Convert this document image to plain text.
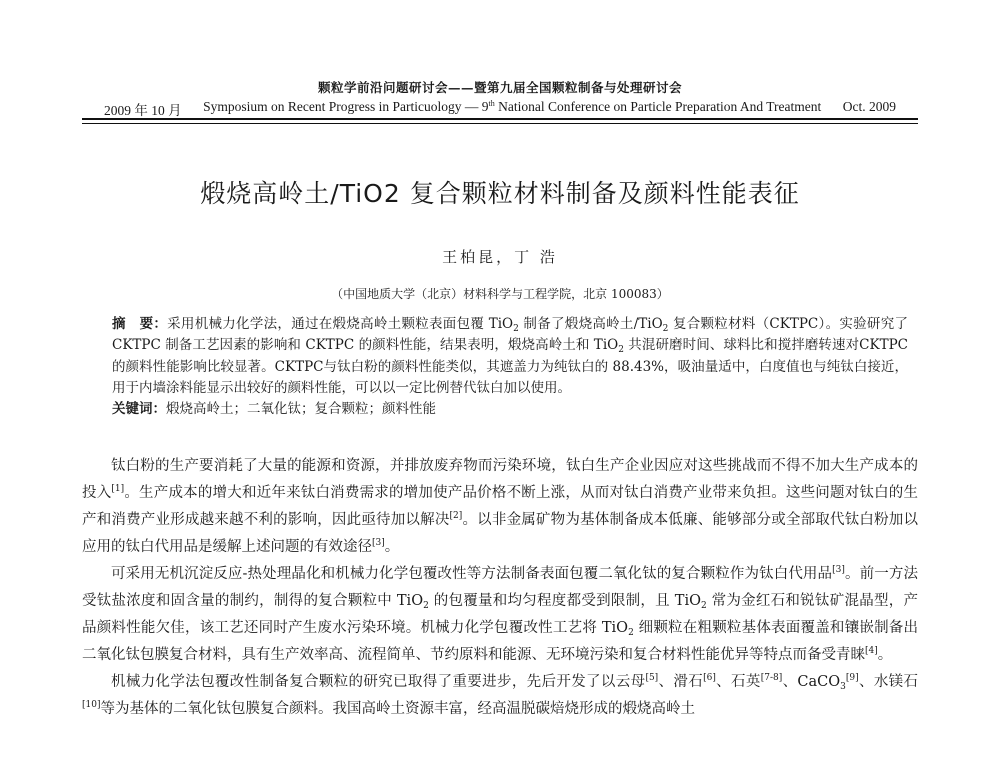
颗粒学前沿问题研讨会——暨第九届全国颗粒制备与处理研讨会
2009 年 10 月 Symposium on Recent Progress in Particuology — 9th National Conference on Particle Preparation And Treatment Oct. 2009
煅烧高岭土/TiO2 复合颗粒材料制备及颜料性能表征
王柏昆，丁 浩
（中国地质大学（北京）材料科学与工程学院，北京 100083）
摘　要：采用机械力化学法，通过在煅烧高岭土颗粒表面包覆 TiO$_2$ 制备了煅烧高岭土/TiO$_2$ 复合颗粒材料（CKTPC）。实验研究了 CKTPC 制备工艺因素的影响和 CKTPC 的颜料性能，结果表明，煅烧高岭土和 TiO$_2$ 共混研磨时间、球料比和搅拌磨转速对CKTPC的颜料性能影响比较显著。CKTPC与钛白粉的颜料性能类似，其遮盖力为纯钛白的 88.43%，吸油量适中，白度值也与纯钛白接近，用于内墙涂料能显示出较好的颜料性能，可以以一定比例替代钛白加以使用。
关键词：煅烧高岭土；二氧化钛；复合颗粒；颜料性能

钛白粉的生产要消耗了大量的能源和资源，并排放废弃物而污染环境，钛白生产企业因应对这些挑战而不得不加大生产成本的投入[1]。生产成本的增大和近年来钛白消费需求的增加使产品价格不断上涨，从而对钛白消费产业带来负担。这些问题对钛白的生产和消费产业形成越来越不利的影响，因此亟待加以解决[2]。以非金属矿物为基体制备成本低廉、能够部分或全部取代钛白粉加以应用的钛白代用品是缓解上述问题的有效途径[3]。

可采用无机沉淀反应-热处理晶化和机械力化学包覆改性等方法制备表面包覆二氧化钛的复合颗粒作为钛白代用品[3]。前一方法受钛盐浓度和固含量的制约，制得的复合颗粒中 TiO$_2$ 的包覆量和均匀程度都受到限制，且 TiO$_2$ 常为金红石和锐钛矿混晶型，产品颜料性能欠佳，该工艺还同时产生废水污染环境。机械力化学包覆改性工艺将 TiO$_2$ 细颗粒在粗颗粒基体表面覆盖和镶嵌制备出二氧化钛包膜复合材料，具有生产效率高、流程简单、节约原料和能源、无环境污染和复合材料性能优异等特点而备受青睐[4]。

机械力化学法包覆改性制备复合颗粒的研究已取得了重要进步，先后开发了以云母[5]、滑石[6]、石英[7-8]、CaCO$_3$[9]、水镁石[10]等为基体的二氧化钛包膜复合颜料。我国高岭土资源丰富，经高温脱碳焙烧形成的煅烧高岭土
